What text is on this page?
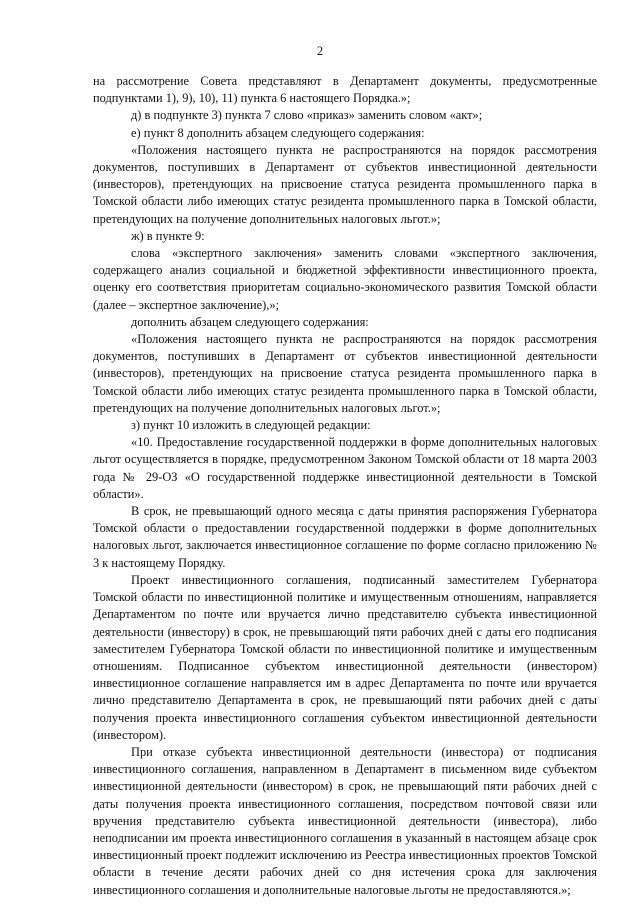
2

на рассмотрение Совета представляют в Департамент документы, предусмотренные подпунктами 1), 9), 10), 11) пункта 6 настоящего Порядка.»;

д) в подпункте 3) пункта 7 слово «приказ» заменить словом «акт»;

е) пункт 8 дополнить абзацем следующего содержания:

«Положения настоящего пункта не распространяются на порядок рассмотрения документов, поступивших в Департамент от субъектов инвестиционной деятельности (инвесторов), претендующих на присвоение статуса резидента промышленного парка в Томской области либо имеющих статус резидента промышленного парка в Томской области, претендующих на получение дополнительных налоговых льгот.»;

ж) в пункте 9:

слова «экспертного заключения» заменить словами «экспертного заключения, содержащего анализ социальной и бюджетной эффективности инвестиционного проекта, оценку его соответствия приоритетам социально-экономического развития Томской области (далее – экспертное заключение),»;

дополнить абзацем следующего содержания:

«Положения настоящего пункта не распространяются на порядок рассмотрения документов, поступивших в Департамент от субъектов инвестиционной деятельности (инвесторов), претендующих на присвоение статуса резидента промышленного парка в Томской области либо имеющих статус резидента промышленного парка в Томской области, претендующих на получение дополнительных налоговых льгот.»;

з) пункт 10 изложить в следующей редакции:

«10. Предоставление государственной поддержки в форме дополнительных налоговых льгот осуществляется в порядке, предусмотренном Законом Томской области от 18 марта 2003 года № 29-ОЗ «О государственной поддержке инвестиционной деятельности в Томской области».

В срок, не превышающий одного месяца с даты принятия распоряжения Губернатора Томской области о предоставлении государственной поддержки в форме дополнительных налоговых льгот, заключается инвестиционное соглашение по форме согласно приложению № 3 к настоящему Порядку.

Проект инвестиционного соглашения, подписанный заместителем Губернатора Томской области по инвестиционной политике и имущественным отношениям, направляется Департаментом по почте или вручается лично представителю субъекта инвестиционной деятельности (инвестору) в срок, не превышающий пяти рабочих дней с даты его подписания заместителем Губернатора Томской области по инвестиционной политике и имущественным отношениям. Подписанное субъектом инвестиционной деятельности (инвестором) инвестиционное соглашение направляется им в адрес Департамента по почте или вручается лично представителю Департамента в срок, не превышающий пяти рабочих дней с даты получения проекта инвестиционного соглашения субъектом инвестиционной деятельности (инвестором).

При отказе субъекта инвестиционной деятельности (инвестора) от подписания инвестиционного соглашения, направленном в Департамент в письменном виде субъектом инвестиционной деятельности (инвестором) в срок, не превышающий пяти рабочих дней с даты получения проекта инвестиционного соглашения, посредством почтовой связи или вручения представителю субъекта инвестиционной деятельности (инвестора), либо неподписании им проекта инвестиционного соглашения в указанный в настоящем абзаце срок инвестиционный проект подлежит исключению из Реестра инвестиционных проектов Томской области в течение десяти рабочих дней со дня истечения срока для заключения инвестиционного соглашения и дополнительные налоговые льготы не предоставляются.»;
